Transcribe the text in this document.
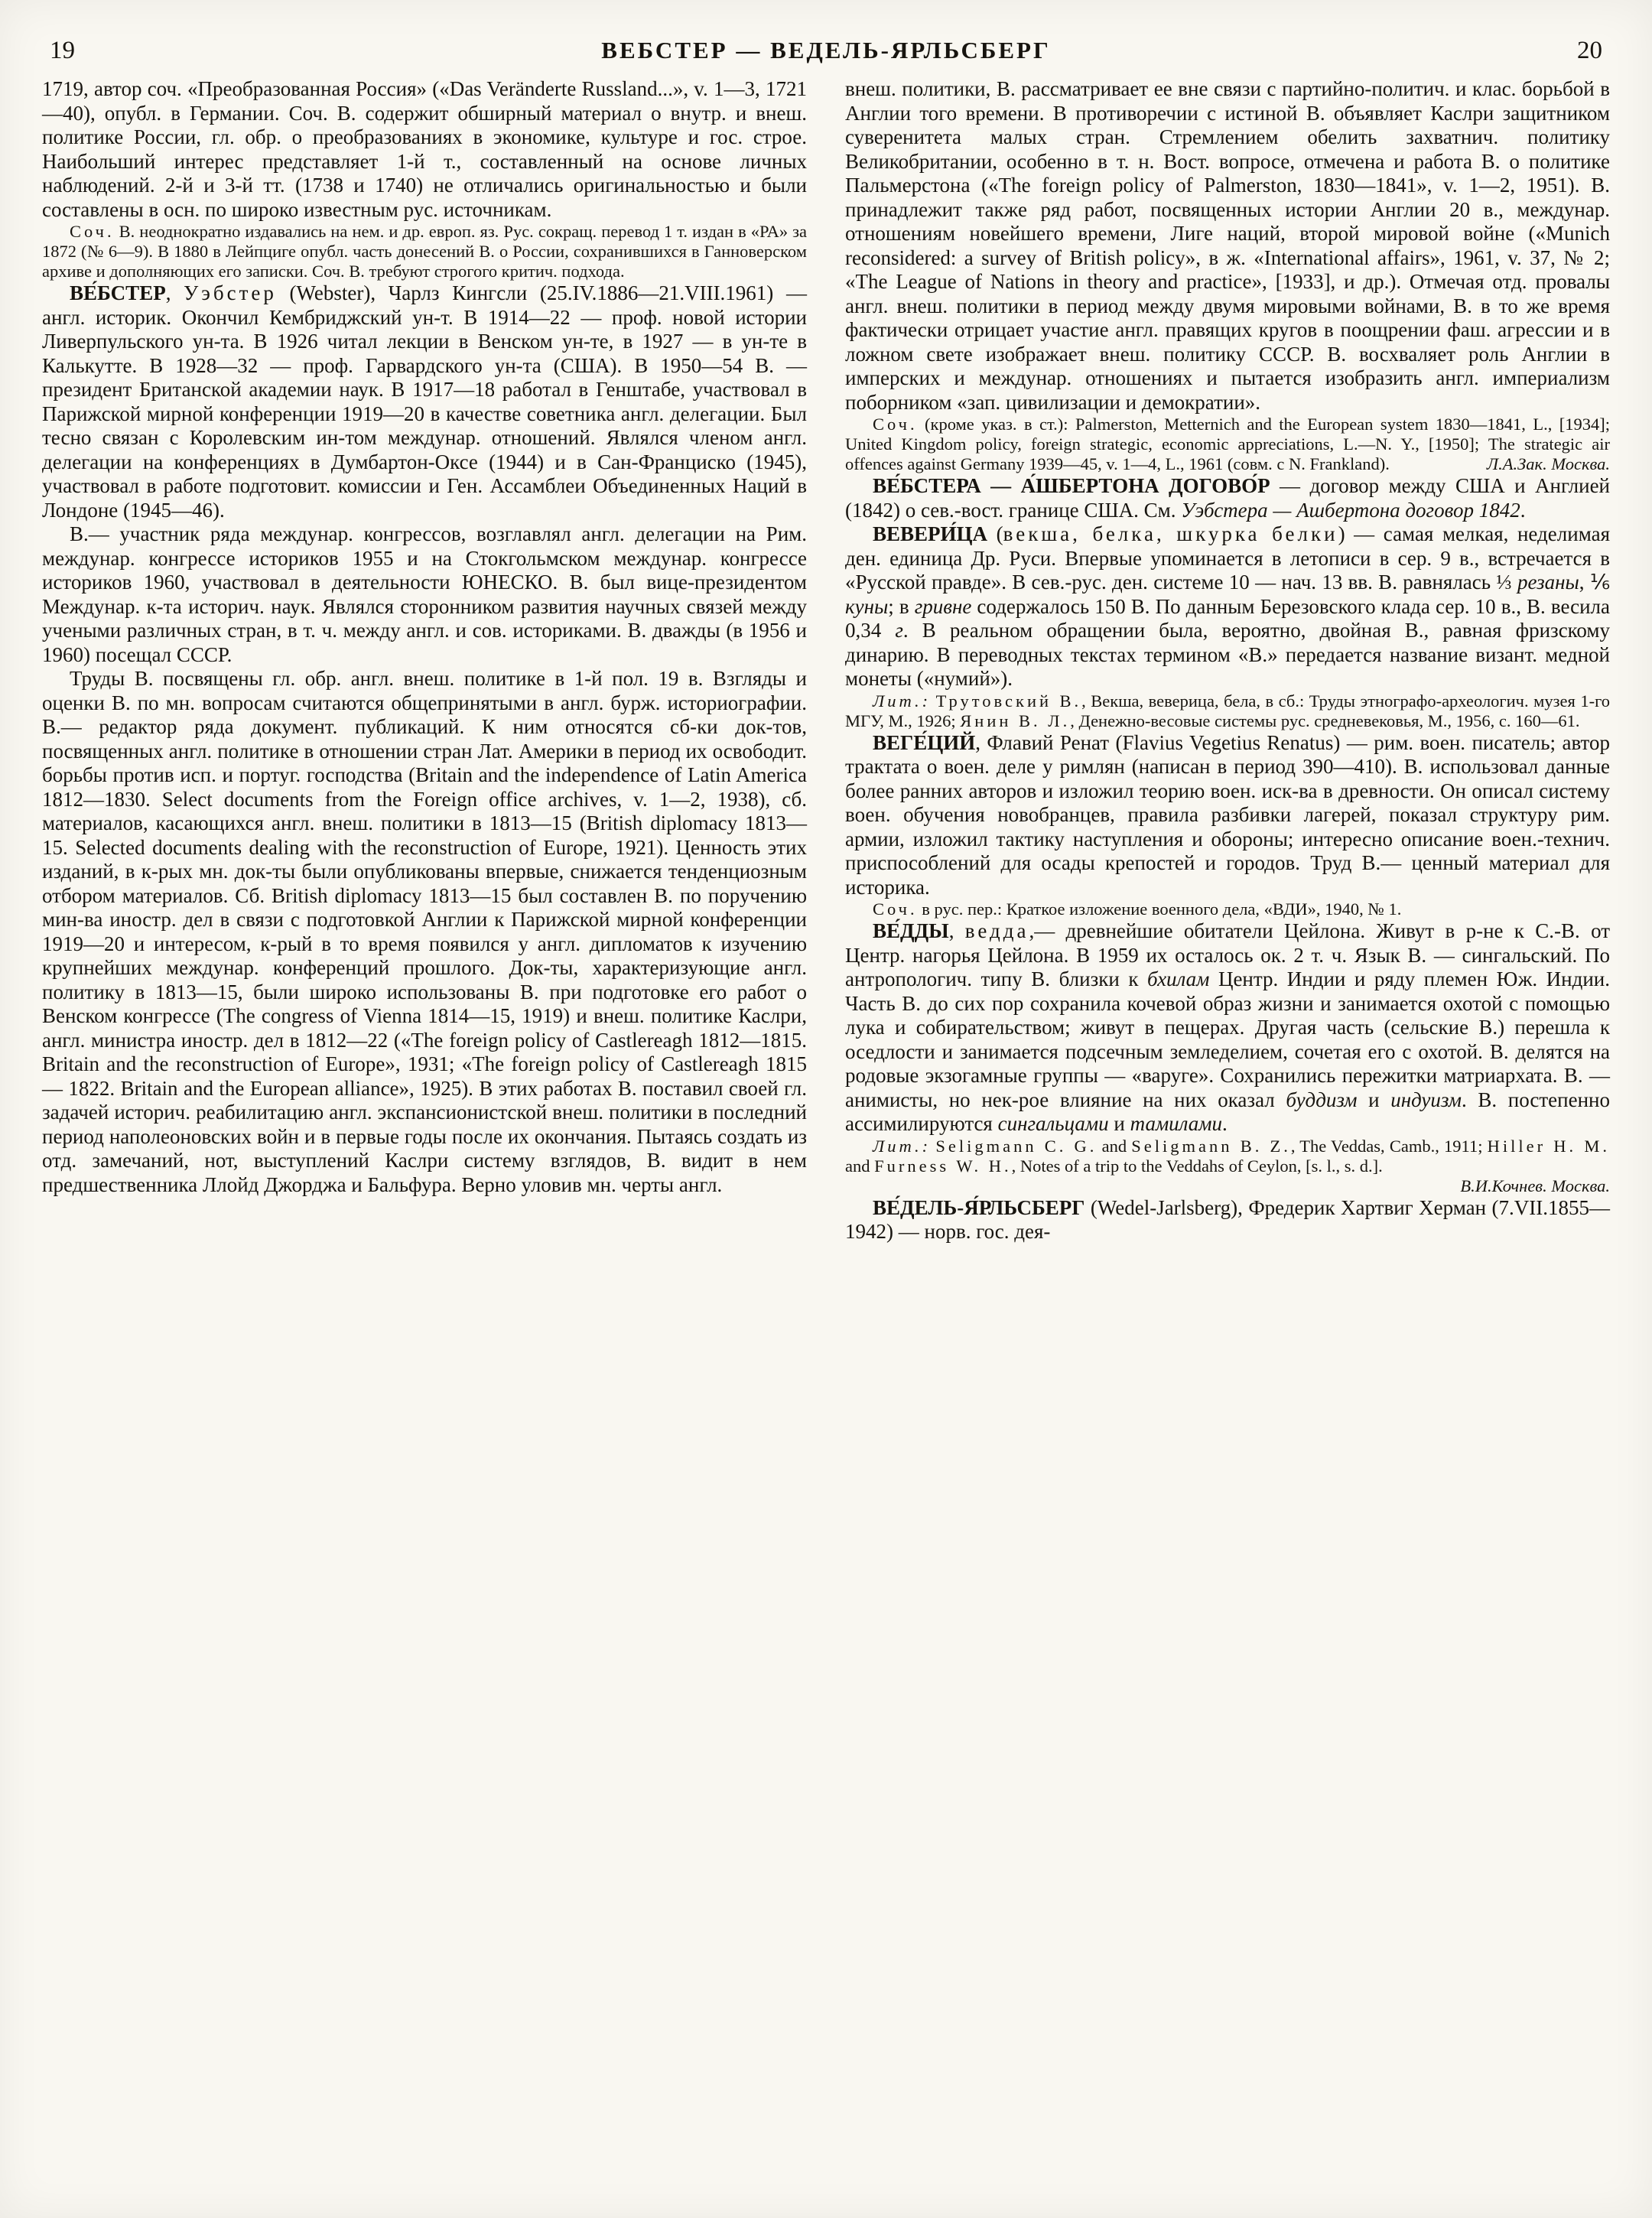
19	ВЕБСТЕР — ВЕДЕЛЬ-ЯРЛЬСБЕРГ	20

1719, автор соч. «Преобразованная Россия» («Das Veränderte Russland...», v. 1—3, 1721—40), опубл. в Германии. Соч. В. содержит обширный материал о внутр. и внеш. политике России, гл. обр. о преобразованиях в экономике, культуре и гос. строе. Наибольший интерес представляет 1-й т., составленный на основе личных наблюдений. 2-й и 3-й тт. (1738 и 1740) не отличались оригинальностью и были составлены в осн. по широко известным рус. источникам.

Соч. В. неоднократно издавались на нем. и др. европ. яз. Рус. сокращ. перевод 1 т. издан в «РА» за 1872 (№ 6—9). В 1880 в Лейпциге опубл. часть донесений В. о России, сохранившихся в Ганноверском архиве и дополняющих его записки. Соч. В. требуют строгого критич. подхода.

ВЕ́БСТЕР, Уэбстер (Webster), Чарлз Кингсли (25.IV.1886—21.VIII.1961) — англ. историк. Окончил Кембриджский ун-т. В 1914—22 — проф. новой истории Ливерпульского ун-та. В 1926 читал лекции в Венском ун-те, в 1927 — в ун-те в Калькутте. В 1928—32 — проф. Гарвардского ун-та (США). В 1950—54 В. — президент Британской академии наук. В 1917—18 работал в Генштабе, участвовал в Парижской мирной конференции 1919—20 в качестве советника англ. делегации. Был тесно связан с Королевским ин-том междунар. отношений. Являлся членом англ. делегации на конференциях в Думбартон-Оксе (1944) и в Сан-Франциско (1945), участвовал в работе подготовит. комиссии и Ген. Ассамблеи Объединенных Наций в Лондоне (1945—46).

В.— участник ряда междунар. конгрессов, возглавлял англ. делегации на Рим. междунар. конгрессе историков 1955 и на Стокгольмском междунар. конгрессе историков 1960, участвовал в деятельности ЮНЕСКО. В. был вице-президентом Междунар. к-та историч. наук. Являлся сторонником развития научных связей между учеными различных стран, в т. ч. между англ. и сов. историками. В. дважды (в 1956 и 1960) посещал СССР.

Труды В. посвящены гл. обр. англ. внеш. политике в 1-й пол. 19 в. Взгляды и оценки В. по мн. вопросам считаются общепринятыми в англ. бурж. историографии. В.— редактор ряда документ. публикаций. К ним относятся сб-ки док-тов, посвященных англ. политике в отношении стран Лат. Америки в период их освободит. борьбы против исп. и португ. господства (Britain and the independence of Latin America 1812—1830. Select documents from the Foreign office archives, v. 1—2, 1938), сб. материалов, касающихся англ. внеш. политики в 1813—15 (British diplomacy 1813—15. Selected documents dealing with the reconstruction of Europe, 1921). Ценность этих изданий, в к-рых мн. док-ты были опубликованы впервые, снижается тенденциозным отбором материалов. Сб. British diplomacy 1813—15 был составлен В. по поручению мин-ва иностр. дел в связи с подготовкой Англии к Парижской мирной конференции 1919—20 и интересом, к-рый в то время появился у англ. дипломатов к изучению крупнейших междунар. конференций прошлого. Док-ты, характеризующие англ. политику в 1813—15, были широко использованы В. при подготовке его работ о Венском конгрессе (The congress of Vienna 1814—15, 1919) и внеш. политике Каслри, англ. министра иностр. дел в 1812—22 («The foreign policy of Castlereagh 1812—1815. Britain and the reconstruction of Europe», 1931; «The foreign policy of Castlereagh 1815 — 1822. Britain and the European alliance», 1925). В этих работах В. поставил своей гл. задачей историч. реабилитацию англ. экспансионистской внеш. политики в последний период наполеоновских войн и в первые годы после их окончания. Пытаясь создать из отд. замечаний, нот, выступлений Каслри систему взглядов, В. видит в нем предшественника Ллойд Джорджа и Бальфура. Верно уловив мн. черты англ.

внеш. политики, В. рассматривает ее вне связи с партийно-политич. и клас. борьбой в Англии того времени. В противоречии с истиной В. объявляет Каслри защитником суверенитета малых стран. Стремлением обелить захватнич. политику Великобритании, особенно в т. н. Вост. вопросе, отмечена и работа В. о политике Пальмерстона («The foreign policy of Palmerston, 1830—1841», v. 1—2, 1951). В. принадлежит также ряд работ, посвященных истории Англии 20 в., междунар. отношениям новейшего времени, Лиге наций, второй мировой войне («Munich reconsidered: a survey of British policy», в ж. «International affairs», 1961, v. 37, № 2; «The League of Nations in theory and practice», [1933], и др.). Отмечая отд. провалы англ. внеш. политики в период между двумя мировыми войнами, В. в то же время фактически отрицает участие англ. правящих кругов в поощрении фаш. агрессии и в ложном свете изображает внеш. политику СССР. В. восхваляет роль Англии в имперских и междунар. отношениях и пытается изобразить англ. империализм поборником «зап. цивилизации и демократии».

Соч. (кроме указ. в ст.): Palmerston, Metternich and the European system 1830—1841, L., [1934]; United Kingdom policy, foreign strategic, economic appreciations, L.—N. Y., [1950]; The strategic air offences against Germany 1939—45, v. 1—4, L., 1961 (совм. с N. Frankland).	Л.А.Зак. Москва.

ВЕ́БСТЕРА — А́ШБЕРТОНА ДОГОВО́Р — договор между США и Англией (1842) о сев.-вост. границе США. См. Уэбстера — Ашбертона договор 1842.

ВЕВЕРИ́ЦА (векша, белка, шкурка белки) — самая мелкая, неделимая ден. единица Др. Руси. Впервые упоминается в летописи в сер. 9 в., встречается в «Русской правде». В сев.-рус. ден. системе 10 — нач. 13 вв. В. равнялась ⅓ резаны, ⅙ куны; в гривне содержалось 150 В. По данным Березовского клада сер. 10 в., В. весила 0,34 г. В реальном обращении была, вероятно, двойная В., равная фризскому динарию. В переводных текстах термином «В.» передается название визант. медной монеты («нумий»).

Лит.: Трутовский В., Векша, веверица, бела, в сб.: Труды этнографо-археологич. музея 1-го МГУ, М., 1926; Янин В. Л., Денежно-весовые системы рус. средневековья, М., 1956, с. 160—61.

ВЕГЕ́ЦИЙ, Флавий Ренат (Flavius Vegetius Renatus) — рим. воен. писатель; автор трактата о воен. деле у римлян (написан в период 390—410). В. использовал данные более ранних авторов и изложил теорию воен. иск-ва в древности. Он описал систему воен. обучения новобранцев, правила разбивки лагерей, показал структуру рим. армии, изложил тактику наступления и обороны; интересно описание воен.-технич. приспособлений для осады крепостей и городов. Труд В.— ценный материал для историка.

Соч. в рус. пер.: Краткое изложение военного дела, «ВДИ», 1940, № 1.

ВЕ́ДДЫ, ведда,— древнейшие обитатели Цейлона. Живут в р-не к С.-В. от Центр. нагорья Цейлона. В 1959 их осталось ок. 2 т. ч. Язык В. — сингальский. По антропологич. типу В. близки к бхилам Центр. Индии и ряду племен Юж. Индии. Часть В. до сих пор сохранила кочевой образ жизни и занимается охотой с помощью лука и собирательством; живут в пещерах. Другая часть (сельские В.) перешла к оседлости и занимается подсечным земледелием, сочетая его с охотой. В. делятся на родовые экзогамные группы — «варуге». Сохранились пережитки матриархата. В. — анимисты, но нек-рое влияние на них оказал буддизм и индуизм. В. постепенно ассимилируются сингальцами и тамилами.

Лит.: Seligmann C. G. and Seligmann B. Z., The Veddas, Camb., 1911; Hiller H. M. and Furness W. H., Notes of a trip to the Veddahs of Ceylon, [s. l., s. d.].

В.И.Кочнев. Москва.

ВЕ́ДЕЛЬ-Я́РЛЬСБЕРГ (Wedel-Jarlsberg), Фредерик Хартвиг Херман (7.VII.1855—1942) — норв. гос. дея-
